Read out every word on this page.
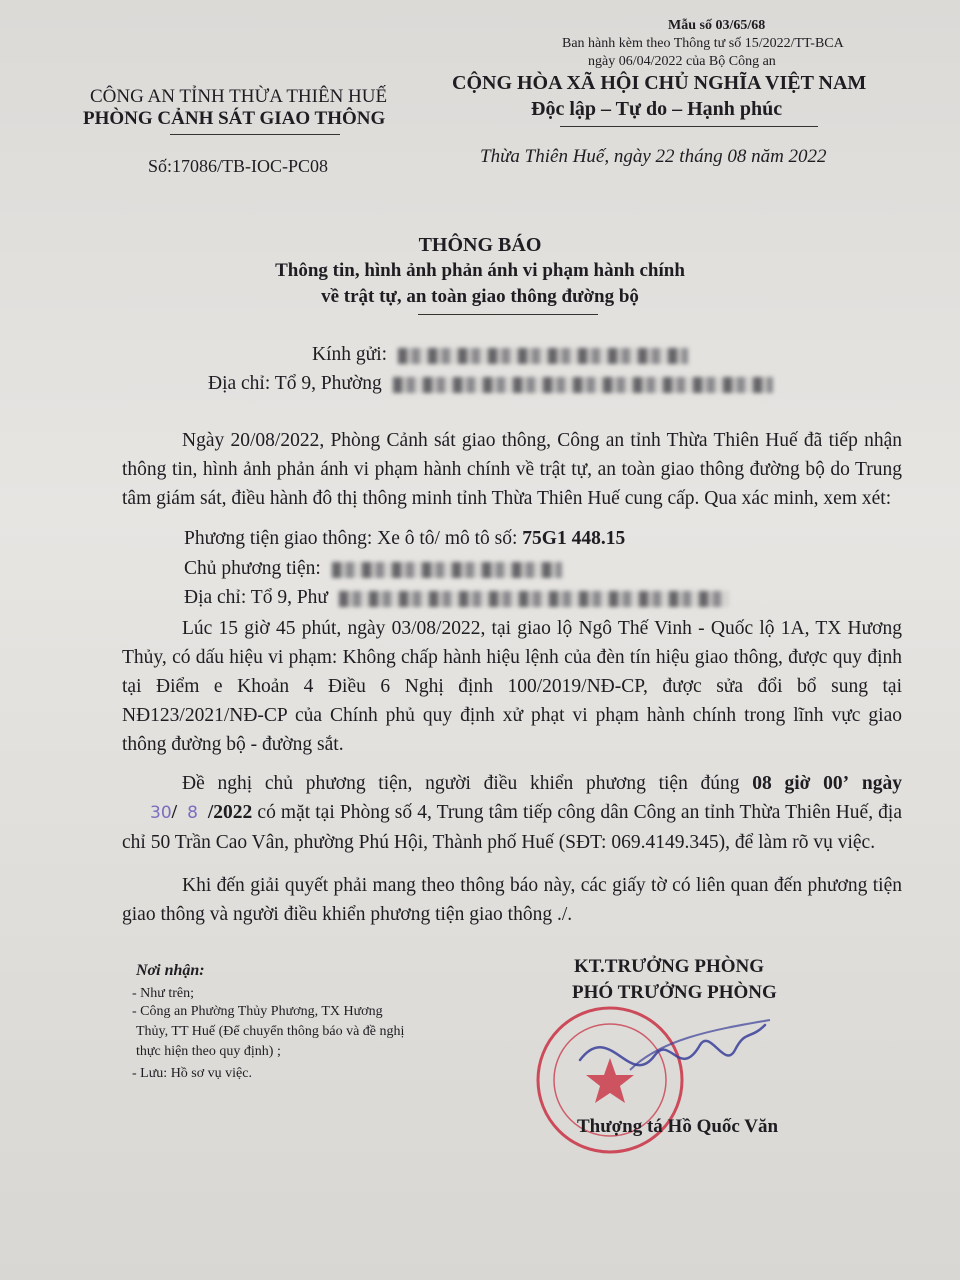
Mẫu số 03/65/68
Ban hành kèm theo Thông tư số 15/2022/TT-BCA
ngày 06/04/2022 của Bộ Công an
CÔNG AN TỈNH THỪA THIÊN HUẾ
PHÒNG CẢNH SÁT GIAO THÔNG
CỘNG HÒA XÃ HỘI CHỦ NGHĨA VIỆT NAM
Độc lập – Tự do – Hạnh phúc
Số:17086/TB-IOC-PC08	Thừa Thiên Huế, ngày 22 tháng 08 năm 2022
THÔNG BÁO
Thông tin, hình ảnh phản ánh vi phạm hành chính
về trật tự, an toàn giao thông đường bộ
Kính gửi:
Địa chỉ: Tổ 9, Phường
Ngày 20/08/2022, Phòng Cảnh sát giao thông, Công an tỉnh Thừa Thiên Huế đã tiếp nhận thông tin, hình ảnh phản ánh vi phạm hành chính về trật tự, an toàn giao thông đường bộ do Trung tâm giám sát, điều hành đô thị thông minh tỉnh Thừa Thiên Huế cung cấp. Qua xác minh, xem xét:
Phương tiện giao thông: Xe ô tô/ mô tô số: 75G1 448.15
Chủ phương tiện:
Địa chỉ: Tổ 9, Phư
Lúc 15 giờ 45 phút, ngày 03/08/2022, tại giao lộ Ngô Thế Vinh - Quốc lộ 1A, TX Hương Thủy, có dấu hiệu vi phạm: Không chấp hành hiệu lệnh của đèn tín hiệu giao thông, được quy định tại Điểm e Khoản 4 Điều 6 Nghị định 100/2019/NĐ-CP, được sửa đổi bổ sung tại NĐ123/2021/NĐ-CP của Chính phủ quy định xử phạt vi phạm hành chính trong lĩnh vực giao thông đường bộ - đường sắt.
Đề nghị chủ phương tiện, người điều khiển phương tiện đúng 08 giờ 00’ ngày 30/ 8 /2022 có mặt tại Phòng số 4, Trung tâm tiếp công dân Công an tỉnh Thừa Thiên Huế, địa chỉ 50 Trần Cao Vân, phường Phú Hội, Thành phố Huế (SĐT: 069.4149.345), để làm rõ vụ việc.
Khi đến giải quyết phải mang theo thông báo này, các giấy tờ có liên quan đến phương tiện giao thông và người điều khiển phương tiện giao thông ./.
Nơi nhận:
- Như trên;
- Công an Phường Thủy Phương, TX Hương
Thủy, TT Huế (Để chuyển thông báo và đề nghị
thực hiện theo quy định) ;
- Lưu: Hồ sơ vụ việc.
KT.TRƯỞNG PHÒNG
PHÓ TRƯỞNG PHÒNG
Thượng tá Hồ Quốc Văn
